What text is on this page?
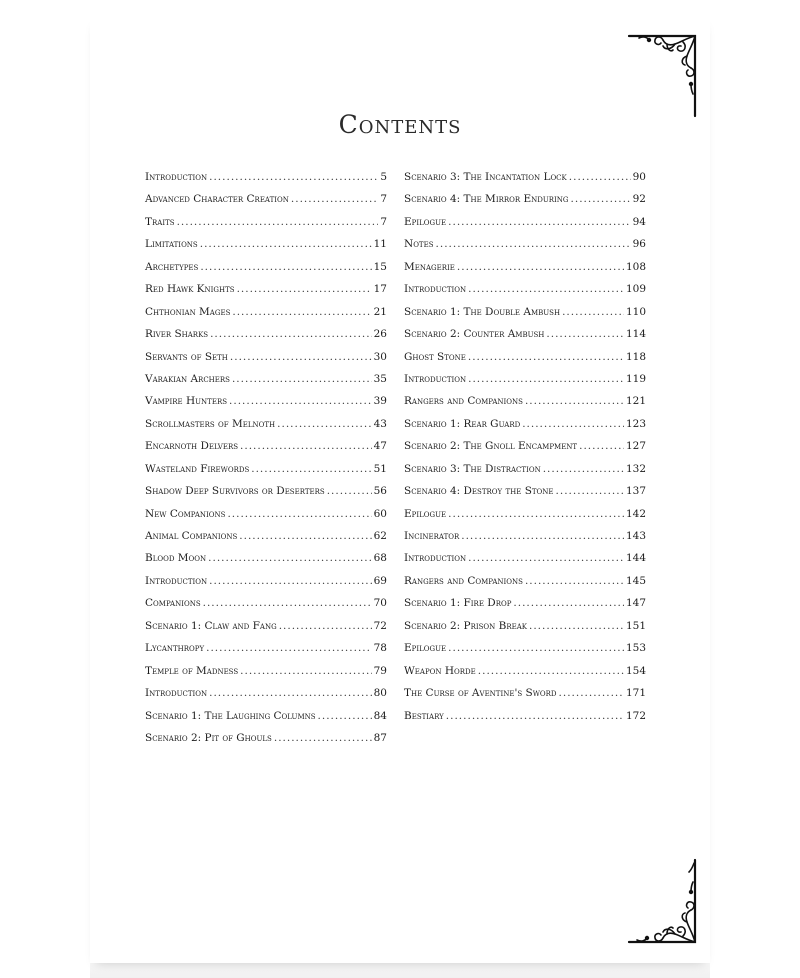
Contents
Introduction .....	5
Advanced Character Creation .....	7
Traits .....	7
Limitations .....	11
Archetypes .....	15
Red Hawk Knights .....	17
Chthonian Mages .....	21
River Sharks .....	26
Servants of Seth .....	30
Varakian Archers .....	35
Vampire Hunters .....	39
Scrollmasters of Melnoth .....	43
Encarnoth Delvers .....	47
Wasteland Firewords .....	51
Shadow Deep Survivors or Deserters .....	56
New Companions .....	60
Animal Companions .....	62
Blood Moon .....	68
Introduction .....	69
Companions .....	70
Scenario 1: Claw and Fang .....	72
Lycanthropy .....	78
Temple of Madness .....	79
Introduction .....	80
Scenario 1: The Laughing Columns .....	84
Scenario 2: Pit of Ghouls .....	87
Scenario 3: The Incantation Lock .....	90
Scenario 4: The Mirror Enduring .....	92
Epilogue .....	94
Notes .....	96
Menagerie .....	108
Introduction .....	109
Scenario 1: The Double Ambush .....	110
Scenario 2: Counter Ambush .....	114
Ghost Stone .....	118
Introduction .....	119
Rangers and Companions .....	121
Scenario 1: Rear Guard .....	123
Scenario 2: The Gnoll Encampment .....	127
Scenario 3: The Distraction .....	132
Scenario 4: Destroy the Stone .....	137
Epilogue .....	142
Incinerator .....	143
Introduction .....	144
Rangers and Companions .....	145
Scenario 1: Fire Drop .....	147
Scenario 2: Prison Break .....	151
Epilogue .....	153
Weapon Horde .....	154
The Curse of Aventine's Sword .....	171
Bestiary .....	172
